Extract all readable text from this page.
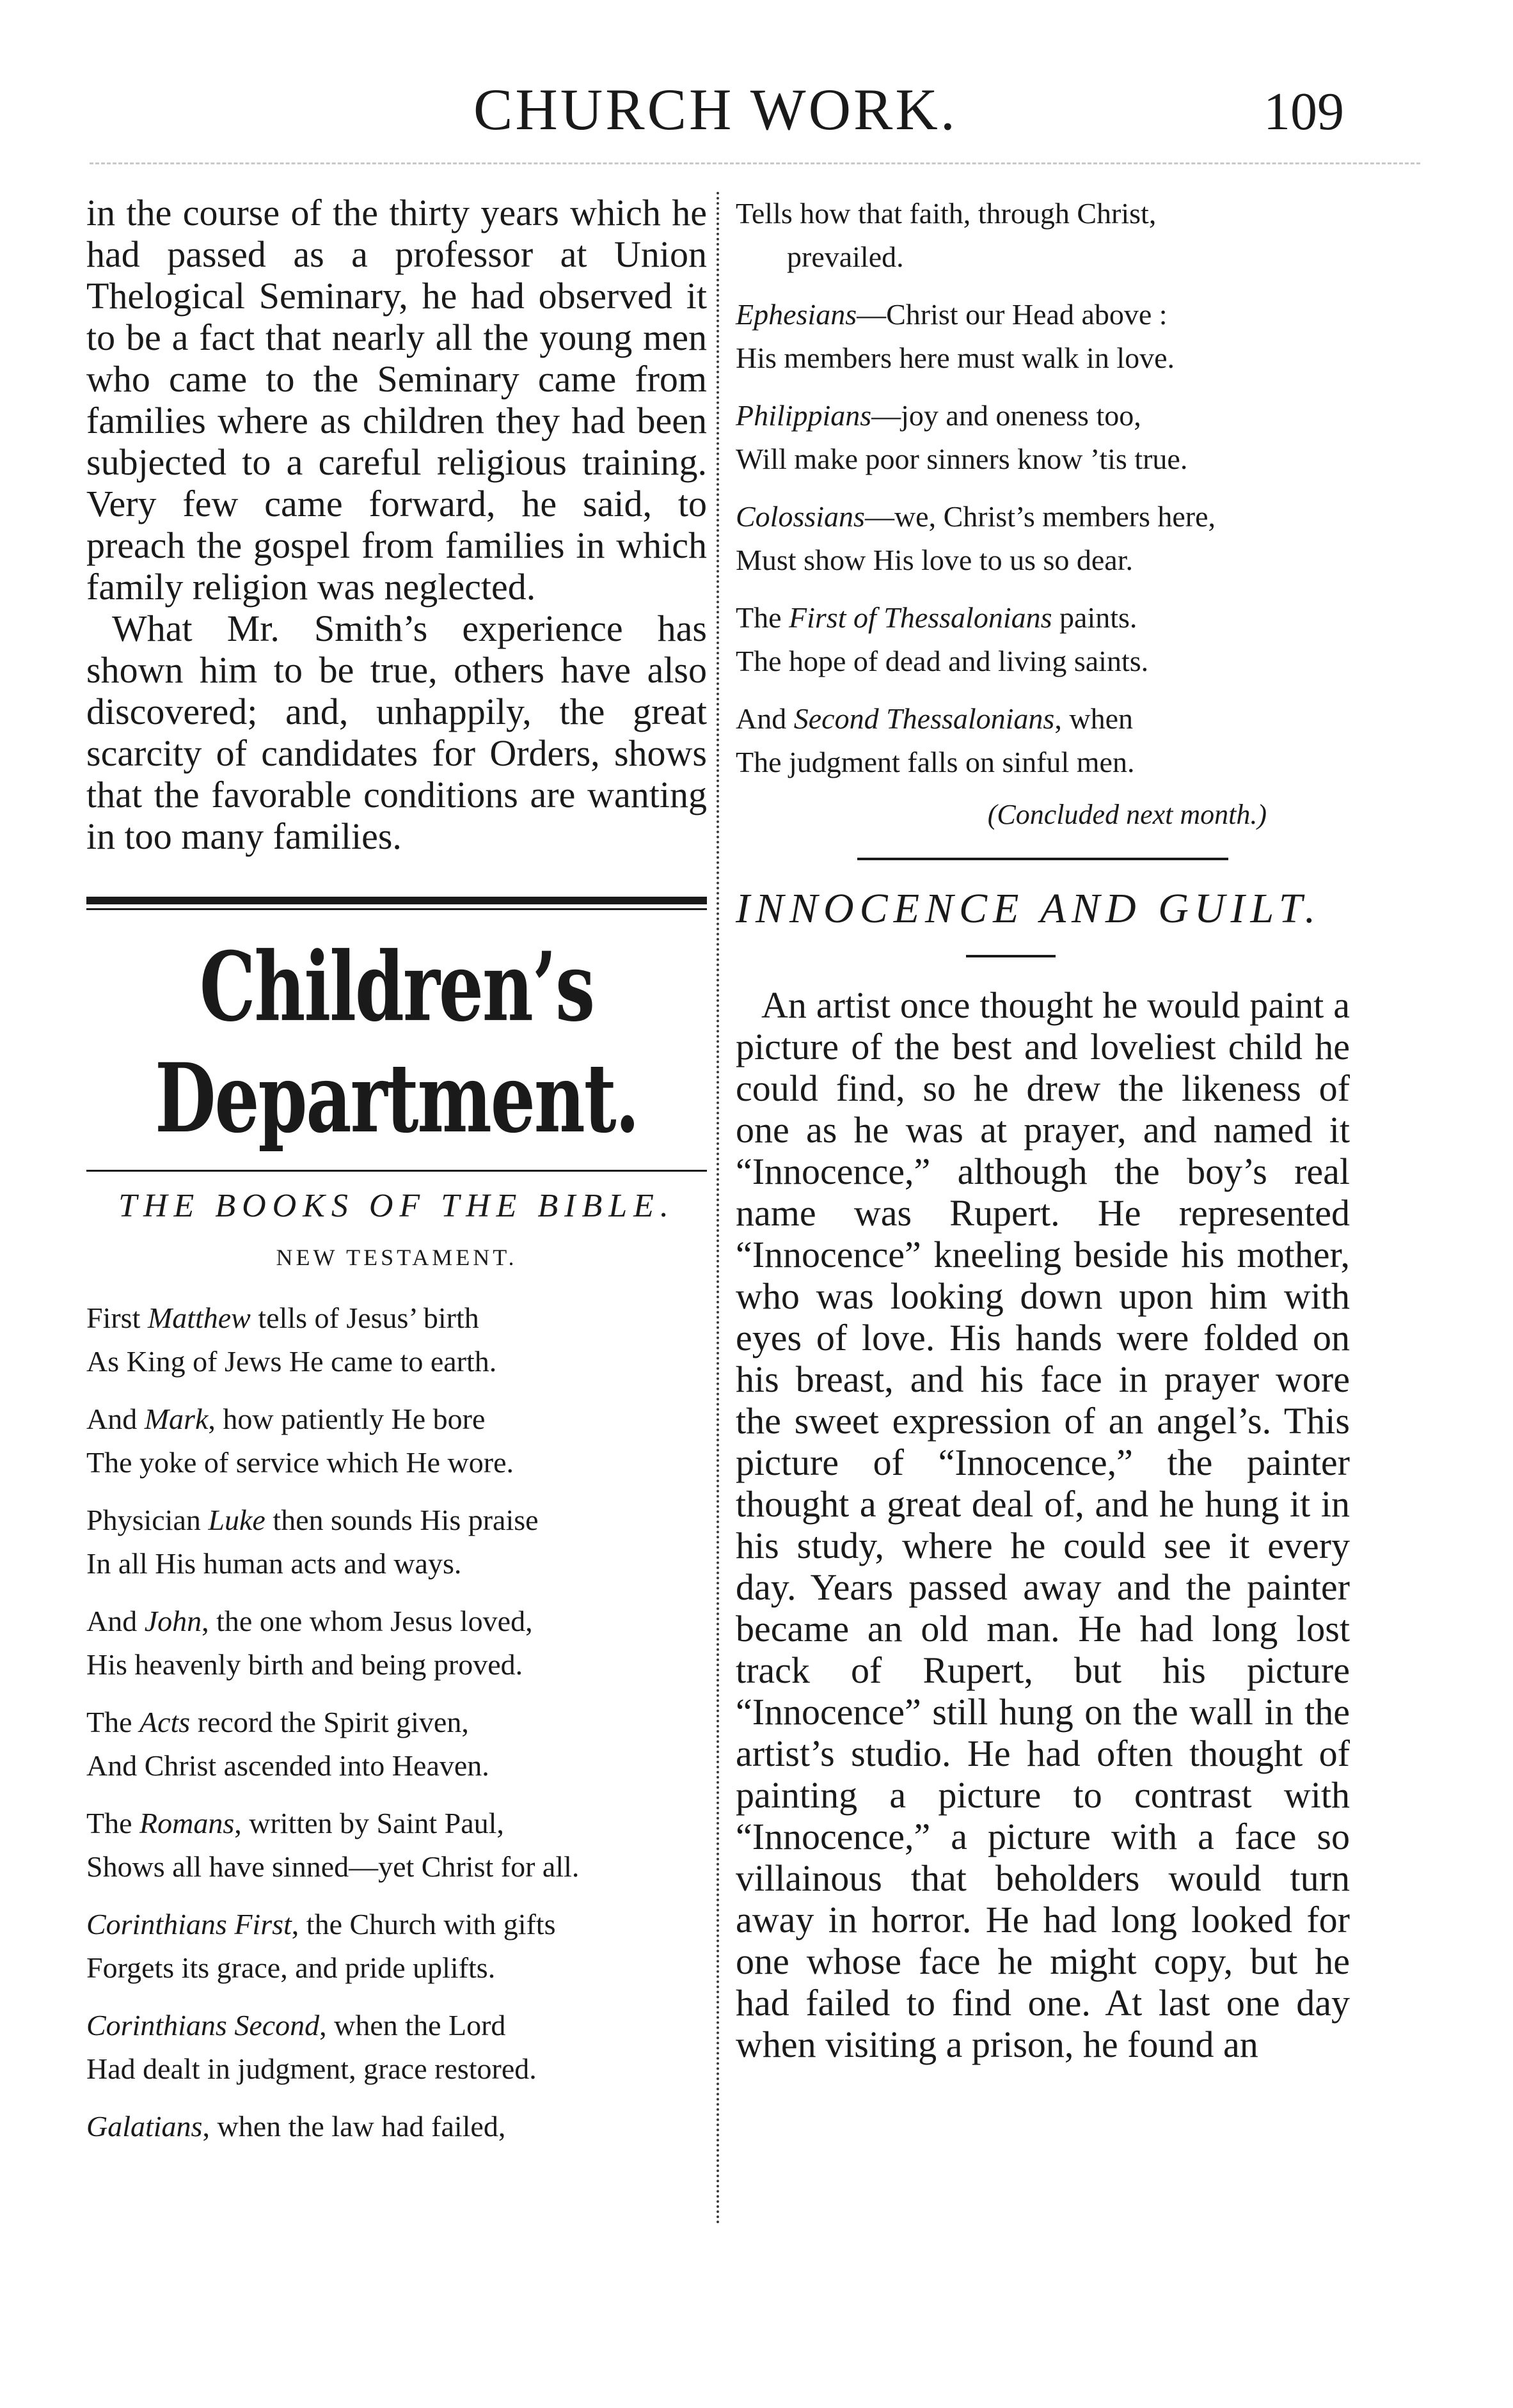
CHURCH WORK.	109

in the course of the thirty years which he had passed as a professor at Union Thelogical Seminary, he had observed it to be a fact that nearly all the young men who came to the Seminary came from families where as children they had been subjected to a careful religious training. Very few came forward, he said, to preach the gospel from families in which family religion was neglected.

What Mr. Smith’s experience has shown him to be true, others have also discovered; and, unhappily, the great scarcity of candidates for Orders, shows that the favorable conditions are wanting in too many families.

Children’s Department.
THE BOOKS OF THE BIBLE.
NEW TESTAMENT.
First Matthew tells of Jesus’ birth
As King of Jews He came to earth.
And Mark, how patiently He bore
The yoke of service which He wore.
Physician Luke then sounds His praise
In all His human acts and ways.
And John, the one whom Jesus loved,
His heavenly birth and being proved.
The Acts record the Spirit given,
And Christ ascended into Heaven.
The Romans, written by Saint Paul,
Shows all have sinned—yet Christ for all.
Corinthians First, the Church with gifts
Forgets its grace, and pride uplifts.
Corinthians Second, when the Lord
Had dealt in judgment, grace restored.
Galatians, when the law had failed,
Tells how that faith, through Christ,
prevailed.
Ephesians—Christ our Head above :
His members here must walk in love.
Philippians—joy and oneness too,
Will make poor sinners know ’tis true.
Colossians—we, Christ’s members here,
Must show His love to us so dear.
The First of Thessalonians paints.
The hope of dead and living saints.
And Second Thessalonians, when
The judgment falls on sinful men.
(Concluded next month.)
INNOCENCE AND GUILT.

An artist once thought he would paint a picture of the best and loveliest child he could find, so he drew the likeness of one as he was at prayer, and named it “Innocence,” although the boy’s real name was Rupert. He represented “Innocence” kneeling beside his mother, who was looking down upon him with eyes of love. His hands were folded on his breast, and his face in prayer wore the sweet expression of an angel’s. This picture of “Innocence,” the painter thought a great deal of, and he hung it in his study, where he could see it every day. Years passed away and the painter became an old man. He had long lost track of Rupert, but his picture “Innocence” still hung on the wall in the artist’s studio. He had often thought of painting a picture to contrast with “Innocence,” a picture with a face so villainous that beholders would turn away in horror. He had long looked for one whose face he might copy, but he had failed to find one. At last one day when visiting a prison, he found an
